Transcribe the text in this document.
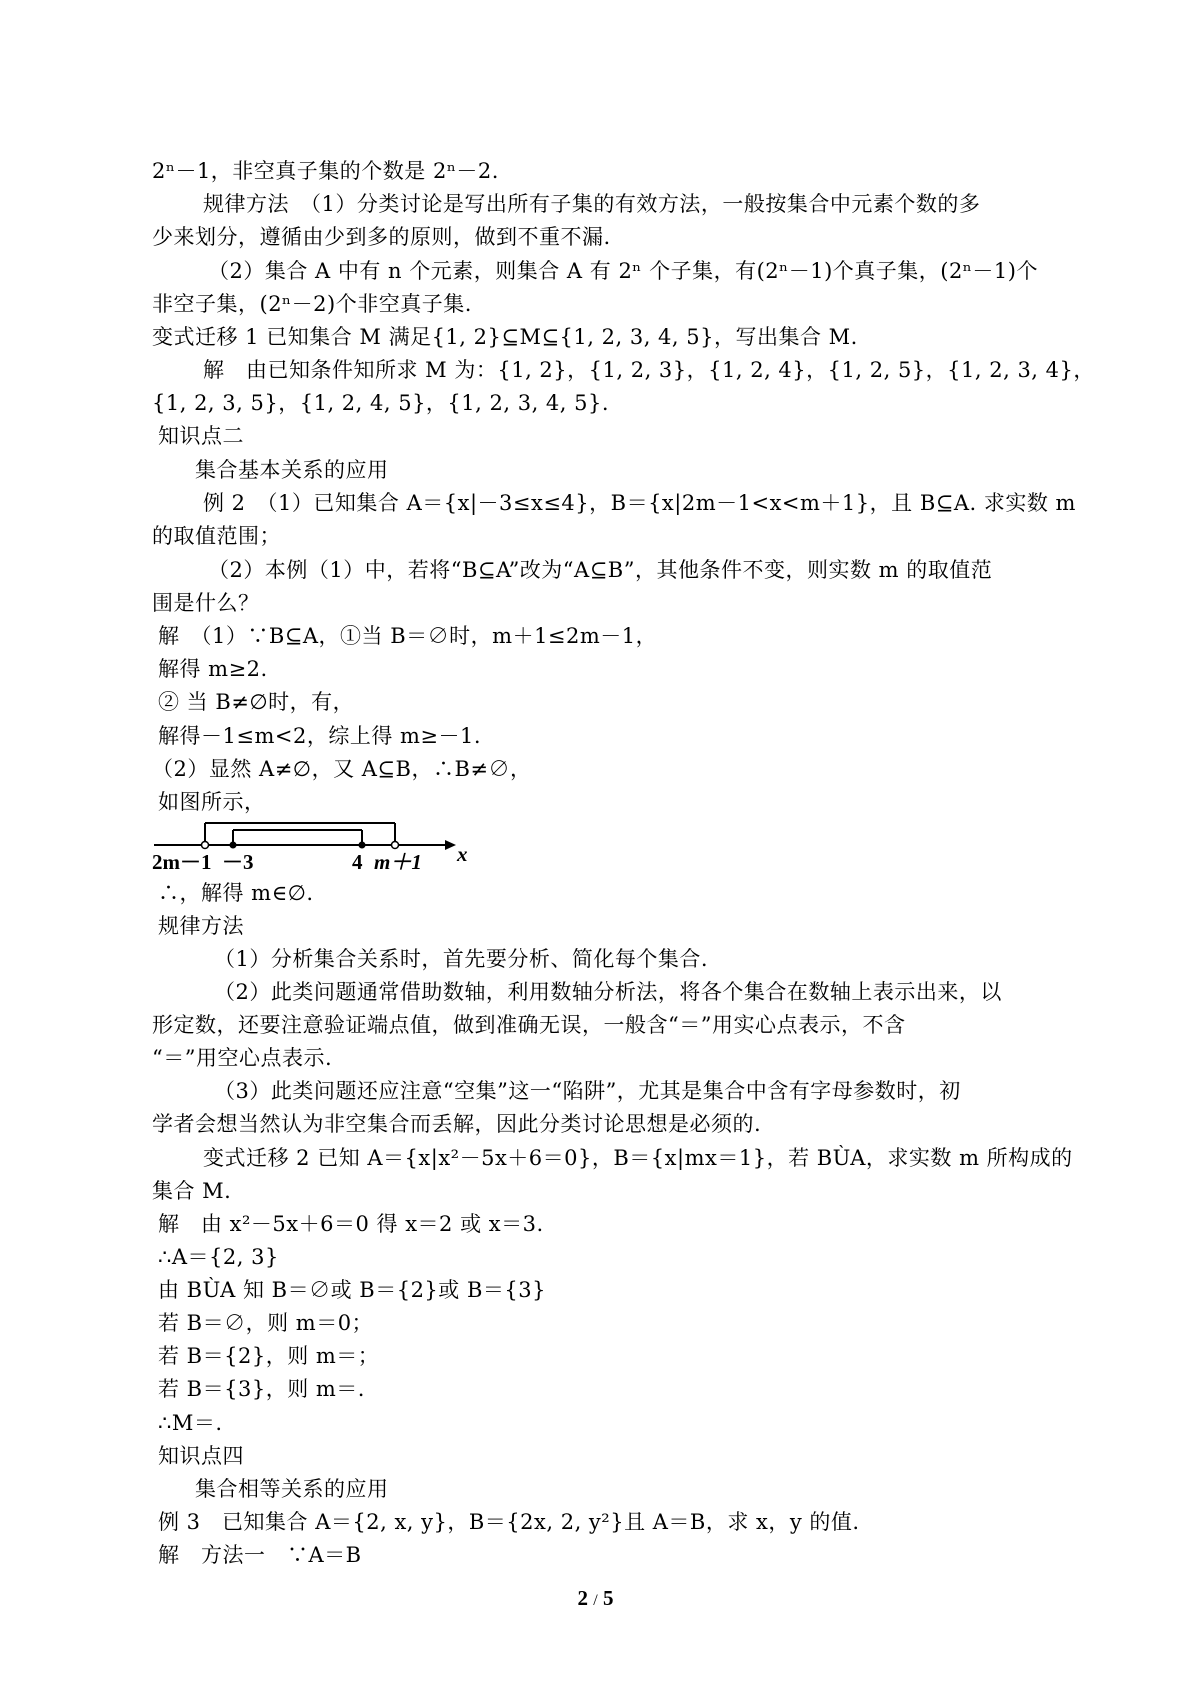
2ⁿ－1，非空真子集的个数是 2ⁿ－2.
规律方法　（1）分类讨论是写出所有子集的有效方法，一般按集合中元素个数的多
少来划分，遵循由少到多的原则，做到不重不漏.
（2）集合 A 中有 n 个元素，则集合 A 有 2ⁿ 个子集，有(2ⁿ－1)个真子集，(2ⁿ－1)个
非空子集，(2ⁿ－2)个非空真子集.
变式迁移 1 已知集合 M 满足{1, 2}⊆M⊆{1, 2, 3, 4, 5}，写出集合 M.
解　由已知条件知所求 M 为：{1, 2}，{1, 2, 3}，{1, 2, 4}，{1, 2, 5}，{1, 2, 3, 4}，
{1, 2, 3, 5}，{1, 2, 4, 5}，{1, 2, 3, 4, 5}.
知识点二
集合基本关系的应用
例 2　（1）已知集合 A＝{x|－3≤x≤4}，B＝{x|2m－1<x<m＋1}，且 B⊆A. 求实数 m
的取值范围；
（2）本例（1）中，若将“B⊆A”改为“A⊆B”，其他条件不变，则实数 m 的取值范
围是什么？
解　（1）∵B⊆A，①当 B＝∅时，m＋1≤2m－1，
解得 m≥2.
② 当 B≠∅时，有，
解得－1≤m<2，综上得 m≥－1.
（2）显然 A≠∅，又 A⊆B，∴B≠∅，
如图所示，
2m－1 －3	4 m＋1 x
∴，解得 m∈∅.
规律方法
（1）分析集合关系时，首先要分析、简化每个集合.
（2）此类问题通常借助数轴，利用数轴分析法，将各个集合在数轴上表示出来，以
形定数，还要注意验证端点值，做到准确无误，一般含“＝”用实心点表示，不含
“＝”用空心点表示.
（3）此类问题还应注意“空集”这一“陷阱”，尤其是集合中含有字母参数时，初
学者会想当然认为非空集合而丢解，因此分类讨论思想是必须的.
变式迁移 2 已知 A＝{x|x²－5x＋6＝0}，B＝{x|mx＝1}，若 BÙA，求实数 m 所构成的
集合 M.
解　由 x²－5x＋6＝0 得 x＝2 或 x＝3.
∴A＝{2, 3}
由 BÙA 知 B＝∅或 B＝{2}或 B＝{3}
若 B＝∅，则 m＝0；
若 B＝{2}，则 m＝；
若 B＝{3}，则 m＝.
∴M＝.
知识点四
集合相等关系的应用
例 3　已知集合 A＝{2, x, y}，B＝{2x, 2, y²}且 A＝B，求 x，y 的值.
解　方法一　∵A＝B
2 / 5
